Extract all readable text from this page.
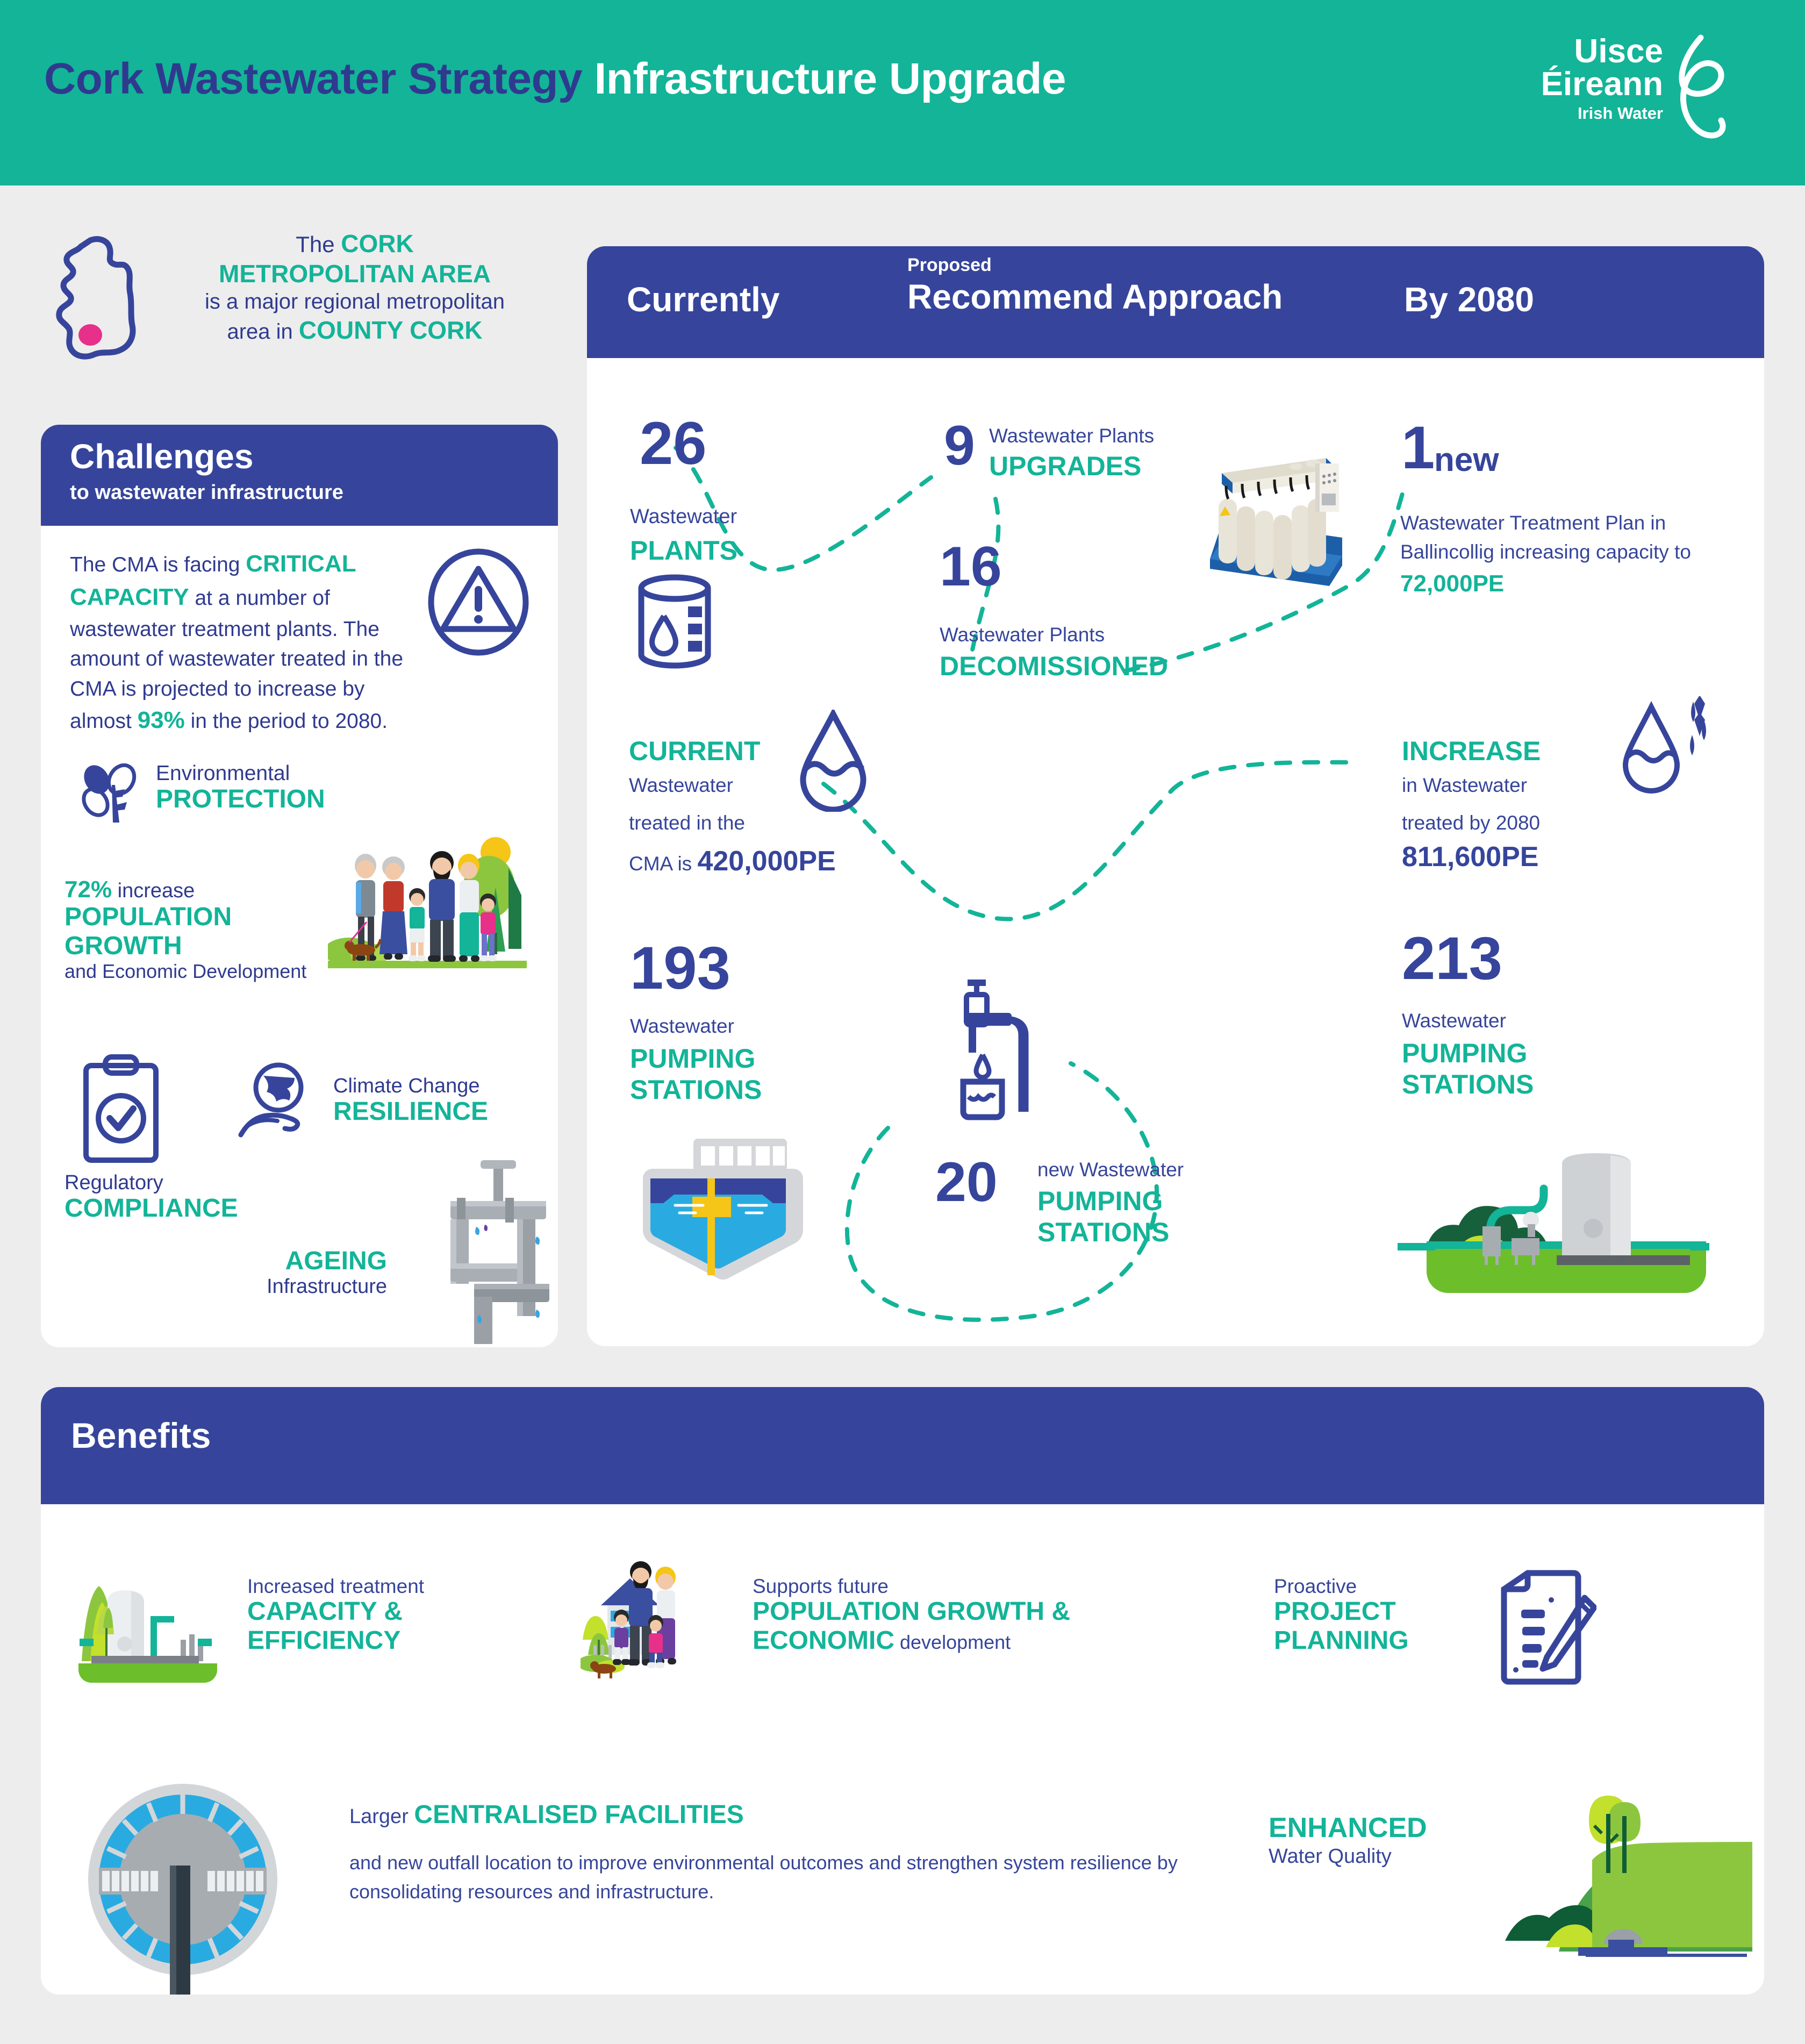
Cork Wastewater Strategy Infrastructure Upgrade
Uisce
Éireann
Irish Water
The CORK
METROPOLITAN AREA
is a major regional metropolitan
area in COUNTY CORK
Challenges
to wastewater infrastructure
The CMA is facing CRITICAL CAPACITY at a number of wastewater treatment plants. The amount of wastewater treated in the CMA is projected to increase by almost 93% in the period to 2080.
Environmental
PROTECTION
72% increase
POPULATION
GROWTH
and Economic Development
Regulatory
COMPLIANCE
Climate Change
RESILIENCE
AGEING
Infrastructure
Currently
Proposed
Recommend Approach	By 2080
26
Wastewater
PLANTS
9 Wastewater Plants
UPGRADES
16
Wastewater Plants
DECOMISSIONED
1
new
Wastewater Treatment Plan in Ballincollig increasing capacity to 72,000PE
CURRENT
Wastewater
treated in the
CMA is 420,000PE
INCREASE
in Wastewater
treated by 2080
811,600PE
193
Wastewater
PUMPING
STATIONS
20 new Wastewater
PUMPING
STATIONS
213
Wastewater
PUMPING
STATIONS
Benefits
Increased treatment
CAPACITY &
EFFICIENCY
Supports future
POPULATION GROWTH &
ECONOMIC development
Proactive
PROJECT
PLANNING
Larger CENTRALISED FACILITIES
and new outfall location to improve environmental outcomes and strengthen system resilience by consolidating resources and infrastructure.
ENHANCED
Water Quality
